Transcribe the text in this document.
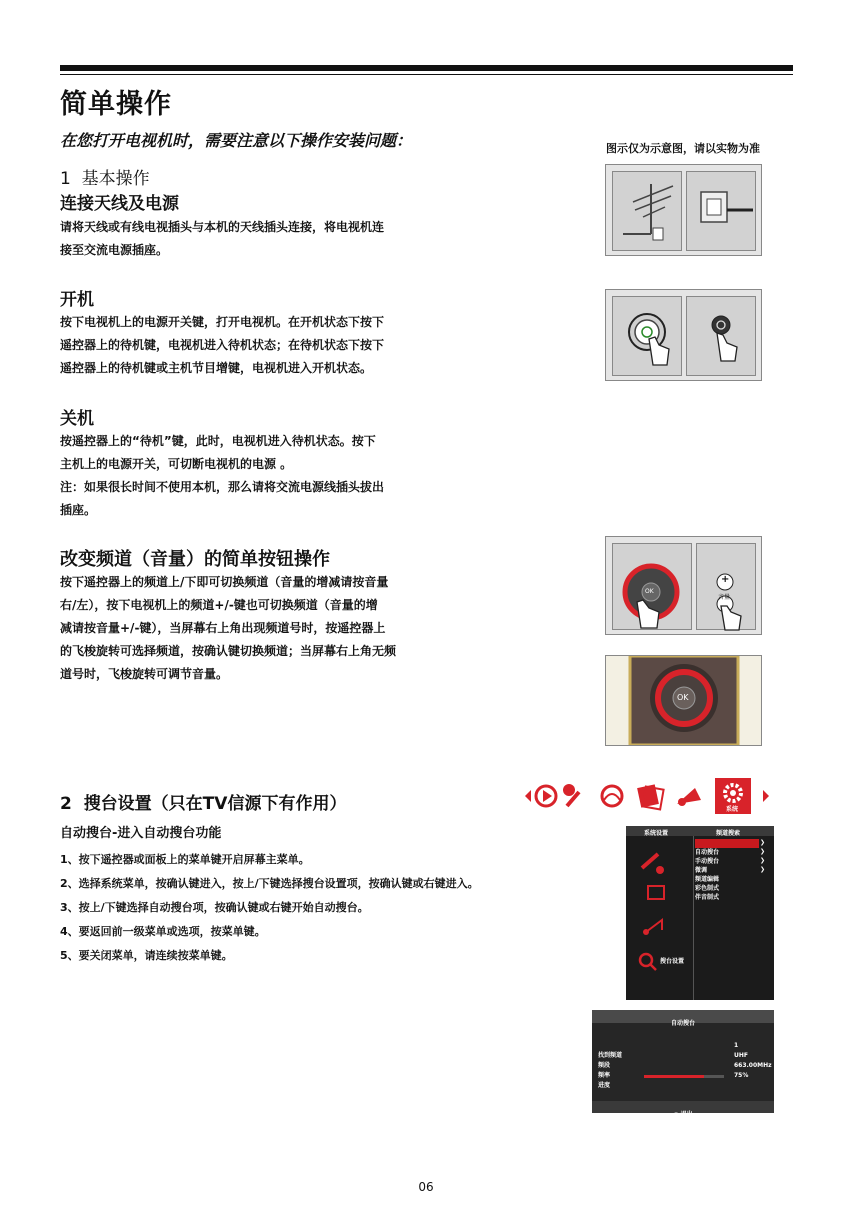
简单操作
在您打开电视机时，需要注意以下操作安装问题：	图示仅为示意图，请以实物为准
1 基本操作
连接天线及电源
请将天线或有线电视插头与本机的天线插头连接，将电视机连
接至交流电源插座。
开机
按下电视机上的电源开关键，打开电视机。在开机状态下按下
遥控器上的待机键，电视机进入待机状态；在待机状态下按下
遥控器上的待机键或主机节目增键，电视机进入开机状态。
关机
按遥控器上的“待机”键，此时，电视机进入待机状态。按下
主机上的电源开关，可切断电视机的电源 。
注：如果很长时间不使用本机，那么请将交流电源线插头拔出
插座。
改变频道（音量）的简单按钮操作
按下遥控器上的频道上/下即可切换频道（音量的增减请按音量
右/左），按下电视机上的频道+/-键也可切换频道（音量的增
减请按音量+/-键），当屏幕右上角出现频道号时，按遥控器上
的飞梭旋转可选择频道，按确认键切换频道；当屏幕右上角无频
道号时，飞梭旋转可调节音量。
OK
+
音量
OK
2 搜台设置（只在TV信源下有作用）
自动搜台-进入自动搜台功能
1、按下遥控器或面板上的菜单键开启屏幕主菜单。
2、选择系统菜单，按确认键进入，按上/下键选择搜台设置项，按确认键或右键进入。
3、按上/下键选择自动搜台项，按确认键或右键开始自动搜台。
4、要返回前一级菜单或选项，按菜单键。
5、要关闭菜单，请连续按菜单键。
系统
系统设置	频道搜索
搜台设置
自动搜台
❯
手动搜台
❯
微调
❯
频道编辑
❯
彩色制式
伴音制式
自动搜台
找到频道
1
频段
UHF
频率
663.00MHz
进度
75%
◉ 退出
06
